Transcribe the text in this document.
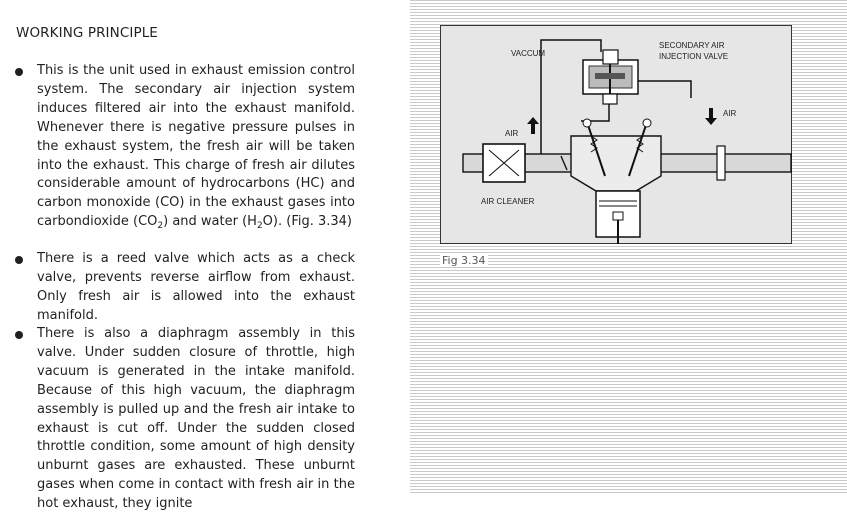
WORKING PRINCIPLE
This is the unit used in exhaust emission control system. The secondary air injection system induces filtered air into the exhaust manifold. Whenever there is negative pressure pulses in the exhaust system, the fresh air will be taken into the exhaust. This charge of fresh air dilutes considerable amount of hydrocarbons (HC) and carbon monoxide (CO) in the exhaust gases into carbondioxide $(CO_2)$ and water $(H_2O)$. (Fig. 3.34)
There is a reed valve which acts as a check valve, prevents reverse airflow from exhaust. Only fresh air is allowed into the exhaust manifold.
There is also a diaphragm assembly in this valve. Under sudden closure of throttle, high vacuum is generated in the intake manifold. Because of this high vacuum, the diaphragm assembly is pulled up and the fresh air intake to exhaust is cut off. Under the sudden closed throttle condition, some amount of high density unburnt gases are exhausted. These unburnt gases when come in contact with fresh air in the hot exhaust, they ignite
VACCUM
SECONDARY AIR
INJECTION VALVE
AIR
AIR
AIR CLEANER
Fig 3.34
